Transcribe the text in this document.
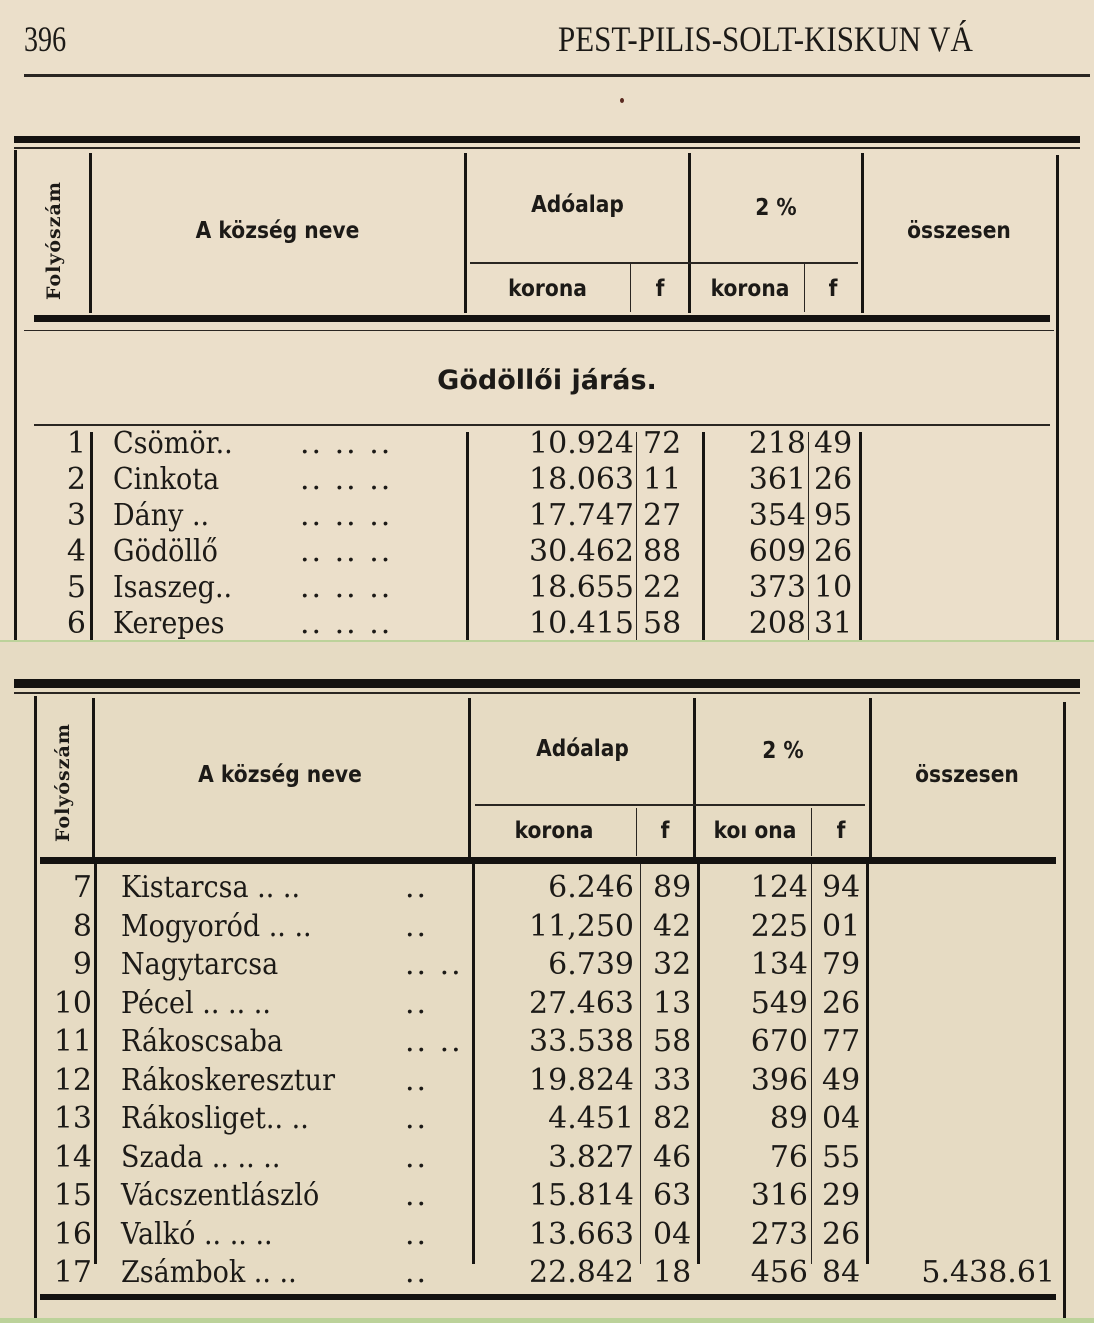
396	PEST-PILIS-SOLT-KISKUN VÁ
Folyószám	A község neve
Adóalap	2 %
összesen
korona	f	korona	f
Gödöllői járás.
1 Csömör.. .. .. ..	10.924 72	218 49
2 Cinkota	.. .. ..	18.063 11	361 26
3 Dány ..	.. .. ..	17.747 27	354 95
4 Gödöllő	.. .. ..	30.462 88	609 26
5 Isaszeg.. .. .. ..	18.655 22	373 10
6 Kerepes	.. .. ..	10.415 58	208 31
Folyószám	A község neve
Adóalap	2 %
összesen
korona	f	koı ona	f
7 Kistarcsa .. ..	..	6.246 89	124 94
8 Mogyoród .. ..	..	11,250 42	225 01
9 Nagytarcsa	.. ..	6.739 32	134 79
10 Pécel .. .. ..	..	27.463 13	549 26
11 Rákoscsaba	.. ..	33.538 58	670 77
12 Rákoskeresztur ..	19.824 33	396 49
13 Rákosliget.. ..	..	4.451 82	89 04
14 Szada .. .. ..	..	3.827 46	76 55
15 Vácszentlászló	..	15.814 63	316 29
16 Valkó .. .. ..	..	13.663 04	273 26
17 Zsámbok .. ..	..	22.842 18	456 84	5.438.61
